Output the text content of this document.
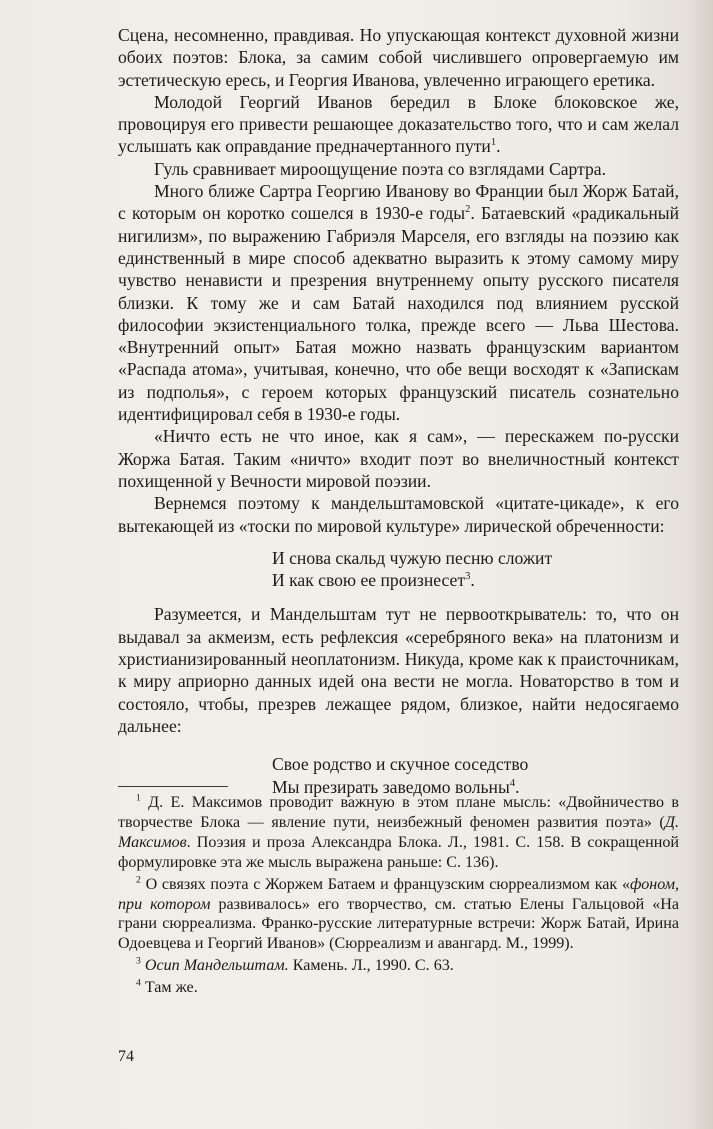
Сцена, несомненно, правдивая. Но упускающая контекст духовной жизни обоих поэтов: Блока, за самим собой числившего опровергаемую им эстетическую ересь, и Георгия Иванова, увлеченно играющего еретика.

Молодой Георгий Иванов бередил в Блоке блоковское же, провоцируя его привести решающее доказательство того, что и сам желал услышать как оправдание предначертанного пути$^1$.

Гуль сравнивает мироощущение поэта со взглядами Сартра.

Много ближе Сартра Георгию Иванову во Франции был Жорж Батай, с которым он коротко сошелся в 1930-е годы$^2$. Батаевский «радикальный нигилизм», по выражению Габриэля Марселя, его взгляды на поэзию как единственный в мире способ адекватно выразить к этому самому миру чувство ненависти и презрения внутреннему опыту русского писателя близки. К тому же и сам Батай находился под влиянием русской философии экзистенциального толка, прежде всего — Льва Шестова. «Внутренний опыт» Батая можно назвать французским вариантом «Распада атома», учитывая, конечно, что обе вещи восходят к «Запискам из подполья», с героем которых французский писатель сознательно идентифицировал себя в 1930-е годы.

«Ничто есть не что иное, как я сам», — перескажем по-русски Жоржа Батая. Таким «ничто» входит поэт во внеличностный контекст похищенной у Вечности мировой поэзии.

Вернемся поэтому к мандельштамовской «цитате-цикаде», к его вытекающей из «тоски по мировой культуре» лирической обреченности:

И снова скальд чужую песню сложит
И как свою ее произнесет$^3$.

Разумеется, и Мандельштам тут не первооткрыватель: то, что он выдавал за акмеизм, есть рефлексия «серебряного века» на платонизм и христианизированный неоплатонизм. Никуда, кроме как к праисточникам, к миру априорно данных идей она вести не могла. Новаторство в том и состояло, чтобы, презрев лежащее рядом, близкое, найти недосягаемо дальнее:

Свое родство и скучное соседство
Мы презирать заведомо вольны$^4$.

$^1$ Д. Е. Максимов проводит важную в этом плане мысль: «Двойничество в творчестве Блока — явление пути, неизбежный феномен развития поэта» (Д. Максимов. Поэзия и проза Александра Блока. Л., 1981. С. 158. В сокращенной формулировке эта же мысль выражена раньше: С. 136).

$^2$ О связях поэта с Жоржем Батаем и французским сюрреализмом как «фоном, при котором развивалось» его творчество, см. статью Елены Гальцовой «На грани сюрреализма. Франко-русские литературные встречи: Жорж Батай, Ирина Одоевцева и Георгий Иванов» (Сюрреализм и авангард. М., 1999).

$^3$ Осип Мандельштам. Камень. Л., 1990. С. 63.

$^4$ Там же.

74
